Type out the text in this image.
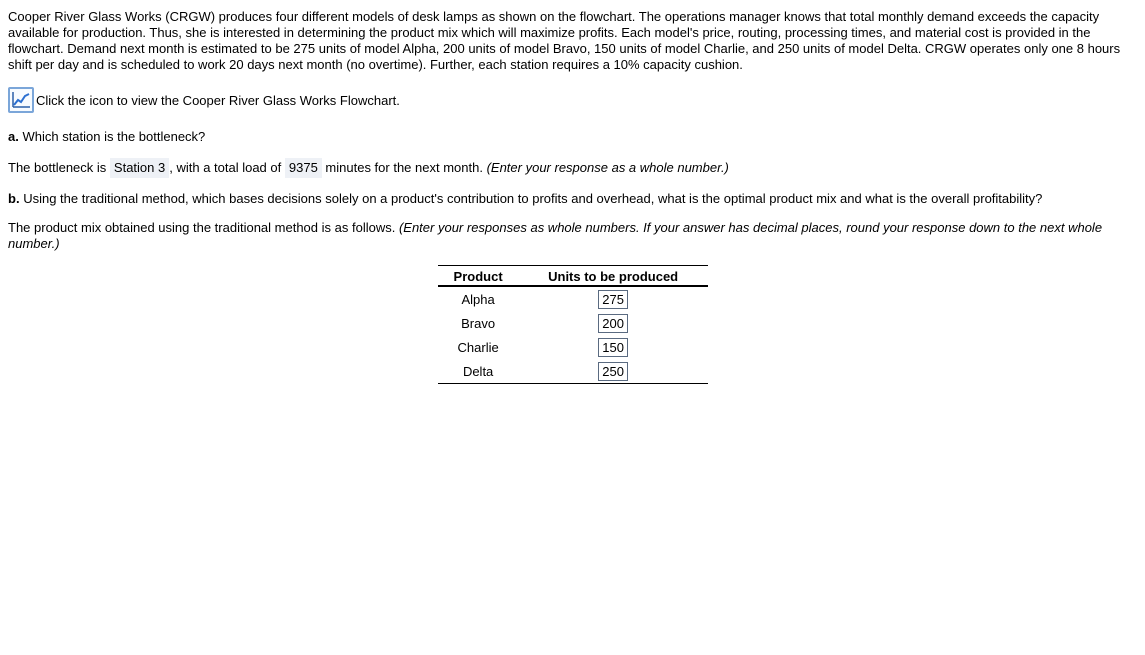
Cooper River Glass Works (CRGW) produces four different models of desk lamps as shown on the flowchart. The operations manager knows that total monthly demand exceeds the capacity available for production. Thus, she is interested in determining the product mix which will maximize profits. Each model's price, routing, processing times, and material cost is provided in the flowchart. Demand next month is estimated to be 275 units of model Alpha, 200 units of model Bravo, 150 units of model Charlie, and 250 units of model Delta. CRGW operates only one 8 hours shift per day and is scheduled to work 20 days next month (no overtime). Further, each station requires a 10% capacity cushion.

Click the icon to view the Cooper River Glass Works Flowchart.
a. Which station is the bottleneck?
The bottleneck is Station 3 , with a total load of 9375 minutes for the next month. (Enter your response as a whole number.)
b. Using the traditional method, which bases decisions solely on a product's contribution to profits and overhead, what is the optimal product mix and what is the overall profitability?
The product mix obtained using the traditional method is as follows. (Enter your responses as whole numbers. If your answer has decimal places, round your response down to the next whole number.)
Product	Units to be produced
Alpha	275
Bravo	200
Charlie	150
Delta	250
